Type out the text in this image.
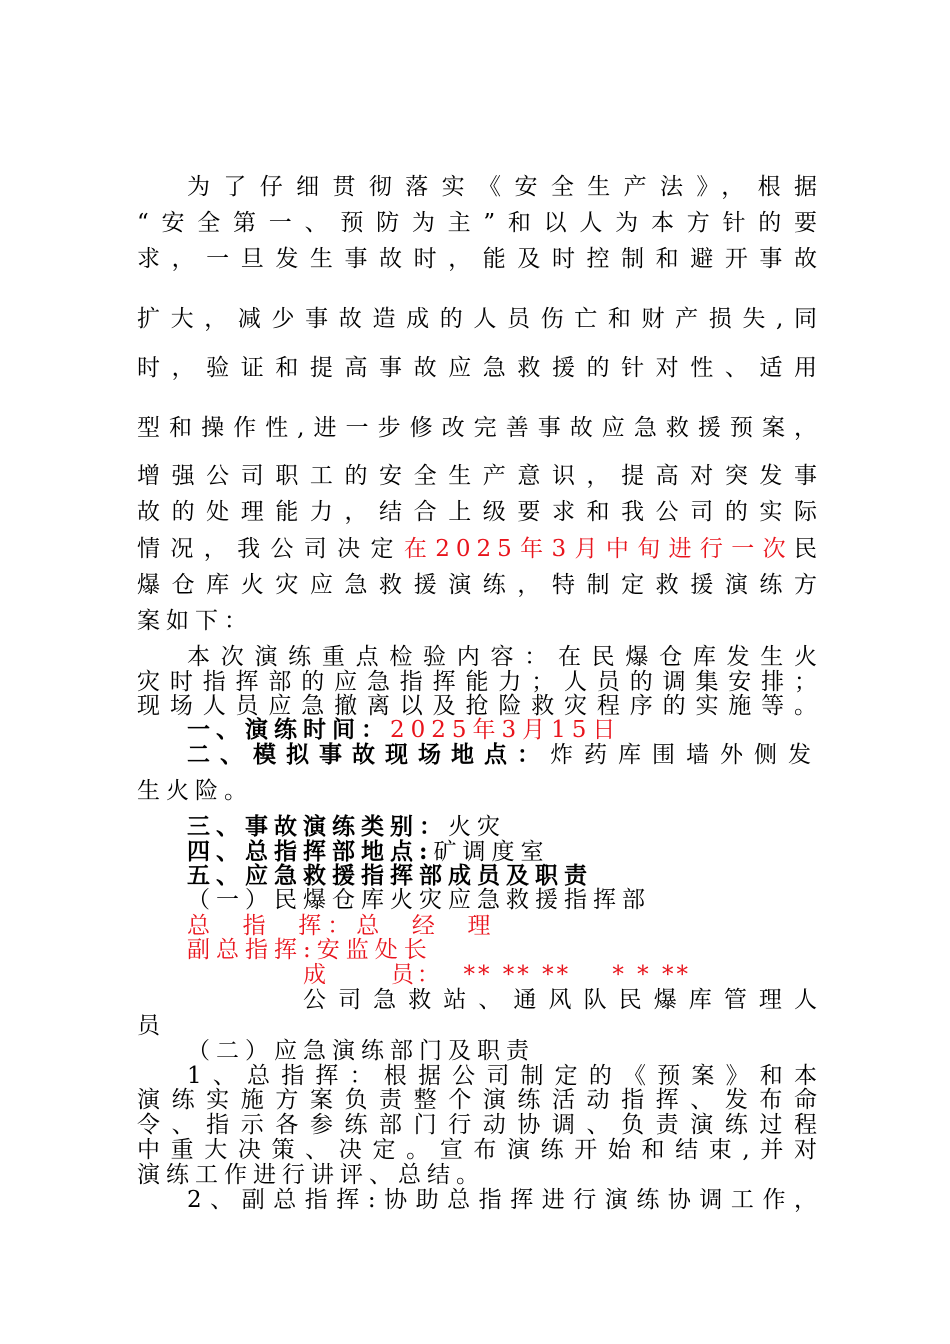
为了仔细贯彻落实《安全生产法》，根据
“安全第一、预防为主”和以人为本方针的要
求，一旦发生事故时，能及时控制和避开事故
扩大，减少事故造成的人员伤亡和财产损失,同
时，验证和提高事故应急救援的针对性、适用
型和操作性,进一步修改完善事故应急救援预案，
增强公司职工的安全生产意识，提高对突发事
故的处理能力，结合上级要求和我公司的实际
情况，我公司决定在2025年3月中旬进行一次民
爆仓库火灾应急救援演练，特制定救援演练方
案如下：
本次演练重点检验内容：在民爆仓库发生火
灾时指挥部的应急指挥能力；人员的调集安排；
现场人员应急撤离以及抢险救灾程序的实施等。
一、演练时间：2025年3月15日
二、模拟事故现场地点：炸药库围墙外侧发
生火险。
三、事故演练类别：火灾
四、总指挥部地点:矿调度室
五、应急救援指挥部成员及职责
（一）民爆仓库火灾应急救援指挥部
总  指  挥：总  经  理
副总指挥:安监处长
成      员：  ** ** **    * * **
公司急救站、通风队民爆库管理人
员
（二）应急演练部门及职责
1、总指挥：根据公司制定的《预案》和本
演练实施方案负责整个演练活动指挥、发布命
令、指示各参练部门行动协调、负责演练过程
中重大决策、决定。宣布演练开始和结束,并对
演练工作进行讲评、总结。
2、副总指挥:协助总指挥进行演练协调工作，
